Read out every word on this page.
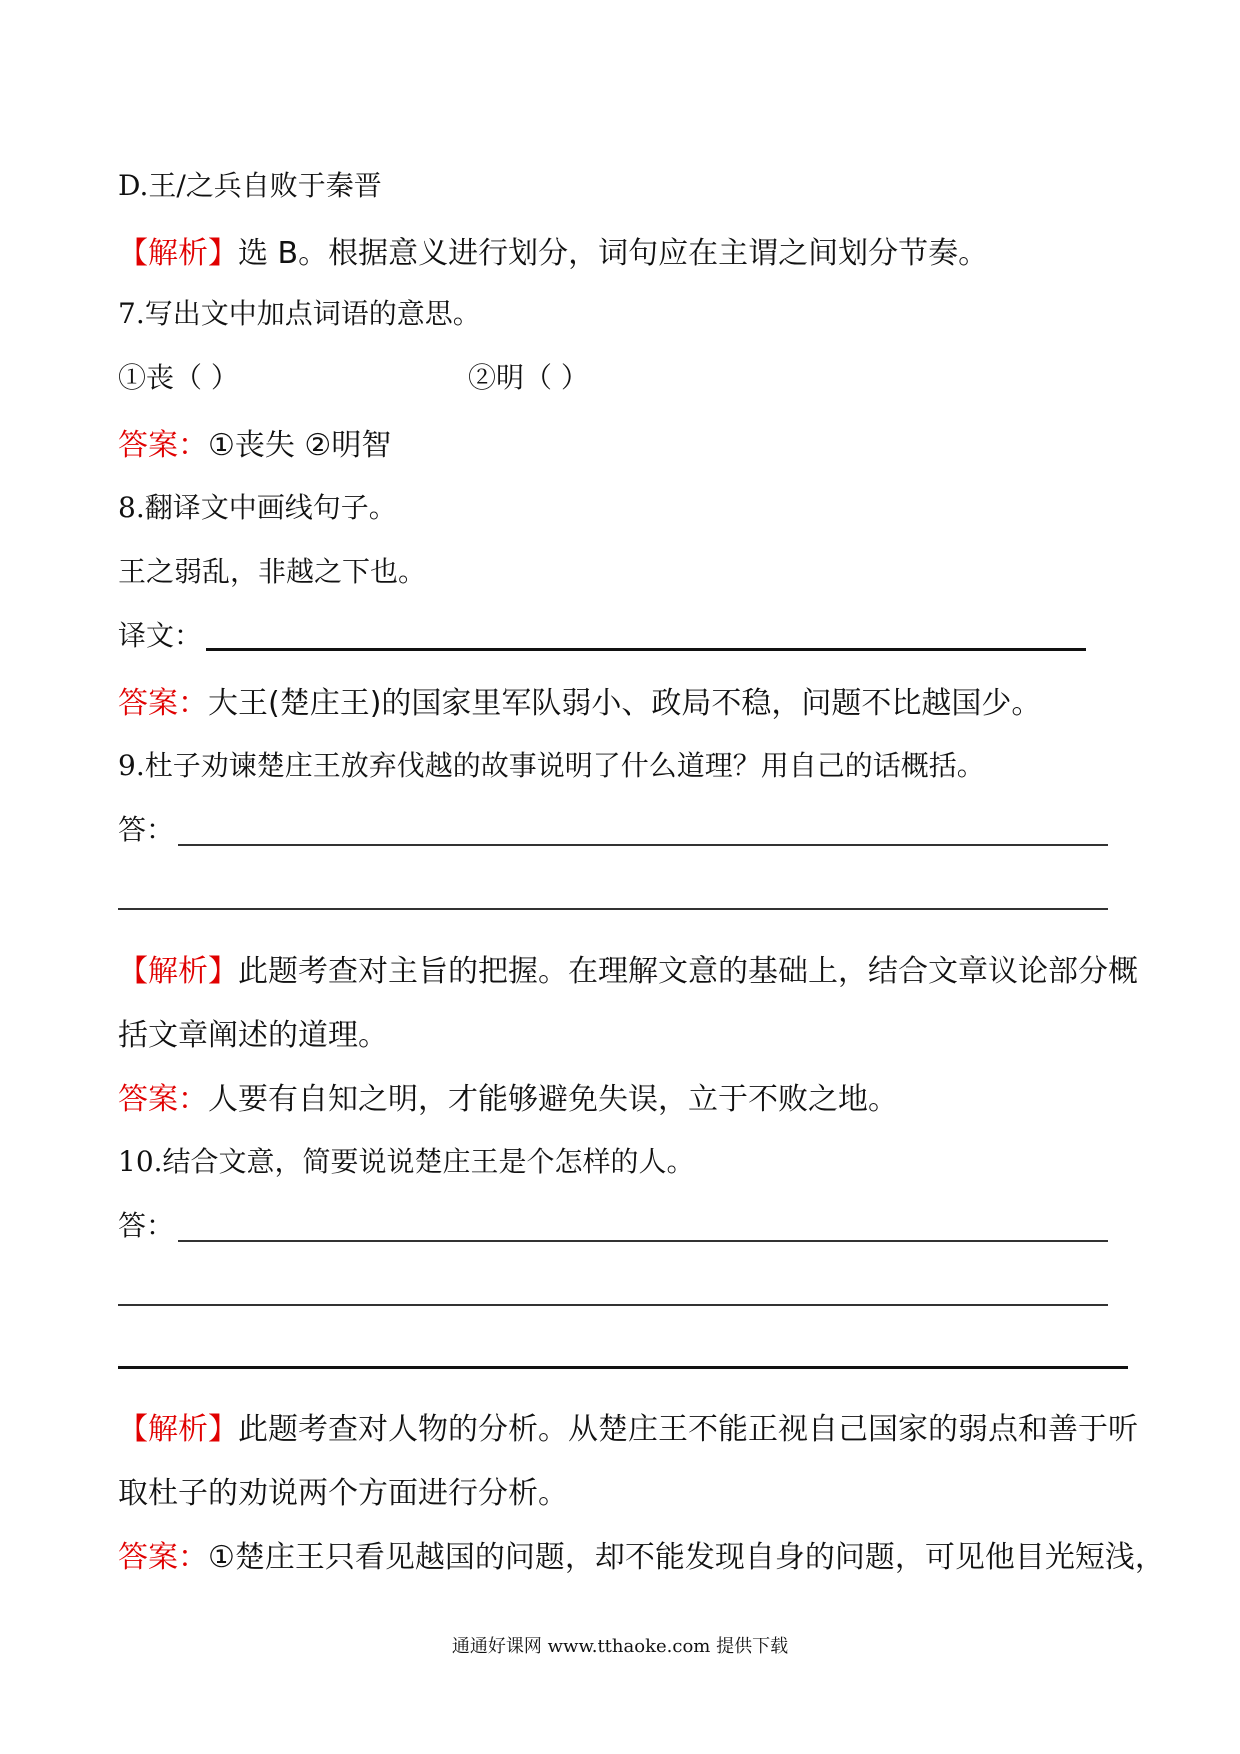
D.王/之兵自败于秦晋
【解析】选 B。根据意义进行划分，词句应在主谓之间划分节奏。
7.写出文中加点词语的意思。
①丧（ ）	②明（ ）
答案：①丧失 ②明智
8.翻译文中画线句子。
王之弱乱，非越之下也。
译文：
答案：大王(楚庄王)的国家里军队弱小、政局不稳，问题不比越国少。
9.杜子劝谏楚庄王放弃伐越的故事说明了什么道理？用自己的话概括。
答：
【解析】此题考查对主旨的把握。在理解文意的基础上，结合文章议论部分概
括文章阐述的道理。
答案：人要有自知之明，才能够避免失误，立于不败之地。
10.结合文意，简要说说楚庄王是个怎样的人。
答：
【解析】此题考查对人物的分析。从楚庄王不能正视自己国家的弱点和善于听
取杜子的劝说两个方面进行分析。
答案：①楚庄王只看见越国的问题，却不能发现自身的问题，可见他目光短浅，
通通好课网 www.tthaoke.com 提供下载
